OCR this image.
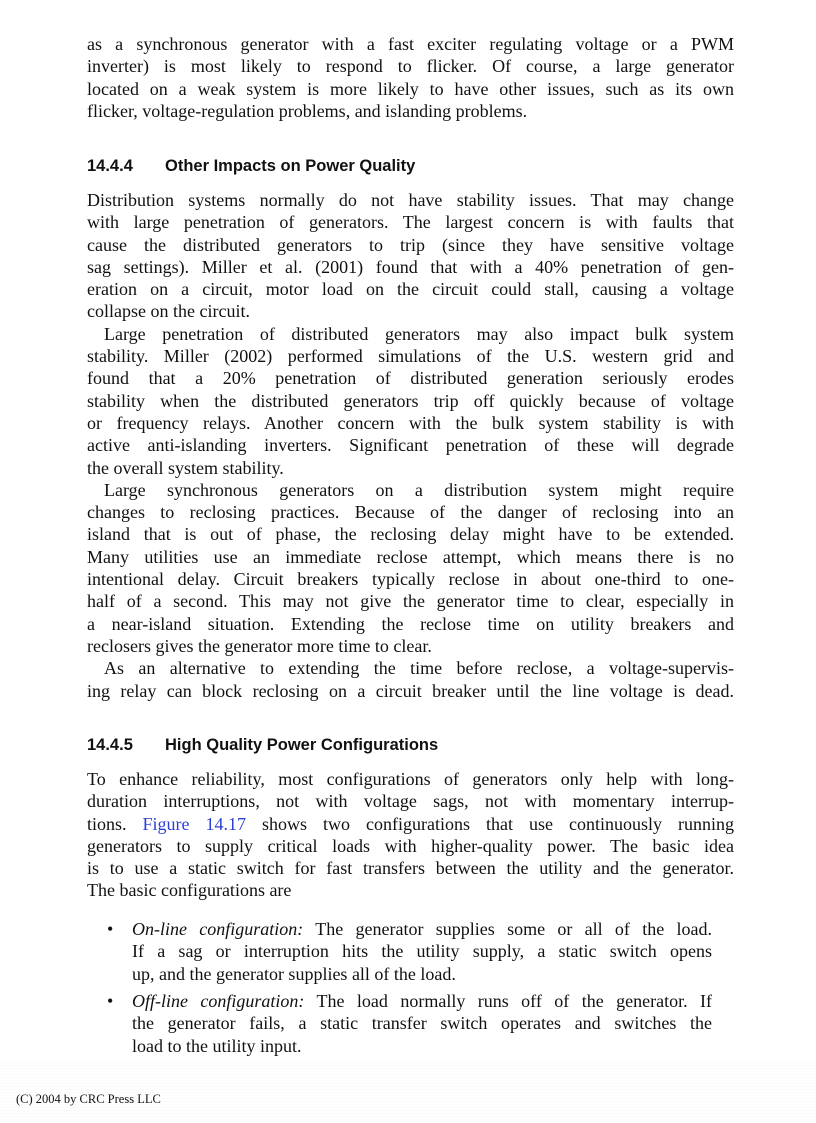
as a synchronous generator with a fast exciter regulating voltage or a PWM
inverter) is most likely to respond to flicker. Of course, a large generator
located on a weak system is more likely to have other issues, such as its own
flicker, voltage-regulation problems, and islanding problems.
14.4.4 Other Impacts on Power Quality
Distribution systems normally do not have stability issues. That may change
with large penetration of generators. The largest concern is with faults that
cause the distributed generators to trip (since they have sensitive voltage
sag settings). Miller et al. (2001) found that with a 40% penetration of gen-
eration on a circuit, motor load on the circuit could stall, causing a voltage
collapse on the circuit.
Large penetration of distributed generators may also impact bulk system
stability. Miller (2002) performed simulations of the U.S. western grid and
found that a 20% penetration of distributed generation seriously erodes
stability when the distributed generators trip off quickly because of voltage
or frequency relays. Another concern with the bulk system stability is with
active anti-islanding inverters. Significant penetration of these will degrade
the overall system stability.
Large synchronous generators on a distribution system might require
changes to reclosing practices. Because of the danger of reclosing into an
island that is out of phase, the reclosing delay might have to be extended.
Many utilities use an immediate reclose attempt, which means there is no
intentional delay. Circuit breakers typically reclose in about one-third to one-
half of a second. This may not give the generator time to clear, especially in
a near-island situation. Extending the reclose time on utility breakers and
reclosers gives the generator more time to clear.
As an alternative to extending the time before reclose, a voltage-supervis-
ing relay can block reclosing on a circuit breaker until the line voltage is dead.
14.4.5 High Quality Power Configurations
To enhance reliability, most configurations of generators only help with long-
duration interruptions, not with voltage sags, not with momentary interrup-
tions. Figure 14.17 shows two configurations that use continuously running
generators to supply critical loads with higher-quality power. The basic idea
is to use a static switch for fast transfers between the utility and the generator.
The basic configurations are
• On-line configuration: The generator supplies some or all of the load.
If a sag or interruption hits the utility supply, a static switch opens
up, and the generator supplies all of the load.
• Off-line configuration: The load normally runs off of the generator. If
the generator fails, a static transfer switch operates and switches the
load to the utility input.
(C) 2004 by CRC Press LLC
